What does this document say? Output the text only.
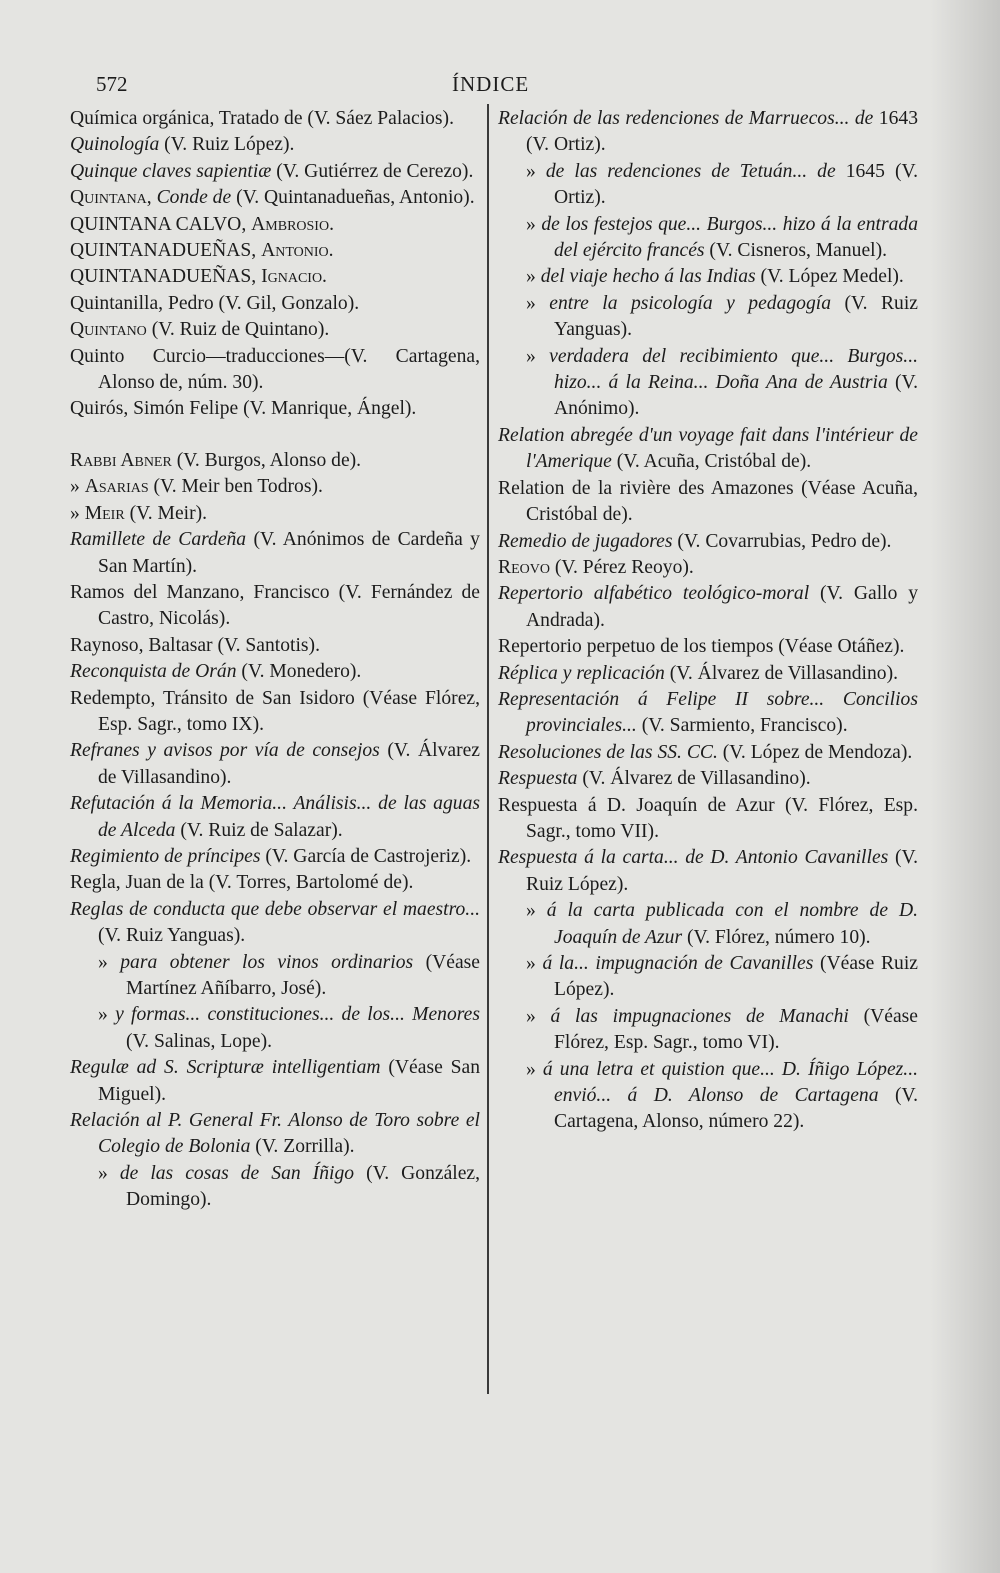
572	ÍNDICE
Química orgánica, Tratado de (V. Sáez Palacios).
Quinología (V. Ruiz López).
Quinque claves sapientiæ (V. Gutiérrez de Cerezo).
Quintana, Conde de (V. Quintanadueñas, Antonio).
QUINTANA CALVO, Ambrosio.
QUINTANADUEÑAS, Antonio.
QUINTANADUEÑAS, Ignacio.
Quintanilla, Pedro (V. Gil, Gonzalo).
Quintano (V. Ruiz de Quintano).
Quinto Curcio—traducciones—(V. Cartagena, Alonso de, núm. 30).
Quirós, Simón Felipe (V. Manrique, Ángel).
Rabbi Abner (V. Burgos, Alonso de).
» Asarias (V. Meir ben Todros).
» Meir (V. Meir).
Ramillete de Cardeña (V. Anónimos de Cardeña y San Martín).
Ramos del Manzano, Francisco (V. Fernández de Castro, Nicolás).
Raynoso, Baltasar (V. Santotis).
Reconquista de Orán (V. Monedero).
Redempto, Tránsito de San Isidoro (Véase Flórez, Esp. Sagr., tomo IX).
Refranes y avisos por vía de consejos (V. Álvarez de Villasandino).
Refutación á la Memoria... Análisis... de las aguas de Alceda (V. Ruiz de Salazar).
Regimiento de príncipes (V. García de Castrojeriz).
Regla, Juan de la (V. Torres, Bartolomé de).
Reglas de conducta que debe observar el maestro... (V. Ruiz Yanguas).
» para obtener los vinos ordinarios (Véase Martínez Añíbarro, José).
» y formas... constituciones... de los... Menores (V. Salinas, Lope).
Regulæ ad S. Scripturæ intelligentiam (Véase San Miguel).
Relación al P. General Fr. Alonso de Toro sobre el Colegio de Bolonia (V. Zorrilla).
» de las cosas de San Íñigo (V. González, Domingo).
Relación de las redenciones de Marruecos... de 1643 (V. Ortiz).
» de las redenciones de Tetuán... de 1645 (V. Ortiz).
» de los festejos que... Burgos... hizo á la entrada del ejército francés (V. Cisneros, Manuel).
» del viaje hecho á las Indias (V. López Medel).
» entre la psicología y pedagogía (V. Ruiz Yanguas).
» verdadera del recibimiento que... Burgos... hizo... á la Reina... Doña Ana de Austria (V. Anónimo).
Relation abregée d'un voyage fait dans l'intérieur de l'Amerique (V. Acuña, Cristóbal de).
Relation de la rivière des Amazones (Véase Acuña, Cristóbal de).
Remedio de jugadores (V. Covarrubias, Pedro de).
Reovo (V. Pérez Reoyo).
Repertorio alfabético teológico-moral (V. Gallo y Andrada).
Repertorio perpetuo de los tiempos (Véase Otáñez).
Réplica y replicación (V. Álvarez de Villasandino).
Representación á Felipe II sobre... Concilios provinciales... (V. Sarmiento, Francisco).
Resoluciones de las SS. CC. (V. López de Mendoza).
Respuesta (V. Álvarez de Villasandino).
Respuesta á D. Joaquín de Azur (V. Flórez, Esp. Sagr., tomo VII).
Respuesta á la carta... de D. Antonio Cavanilles (V. Ruiz López).
» á la carta publicada con el nombre de D. Joaquín de Azur (V. Flórez, número 10).
» á la... impugnación de Cavanilles (Véase Ruiz López).
» á las impugnaciones de Manachi (Véase Flórez, Esp. Sagr., tomo VI).
» á una letra et quistion que... D. Íñigo López... envió... á D. Alonso de Cartagena (V. Cartagena, Alonso, número 22).
